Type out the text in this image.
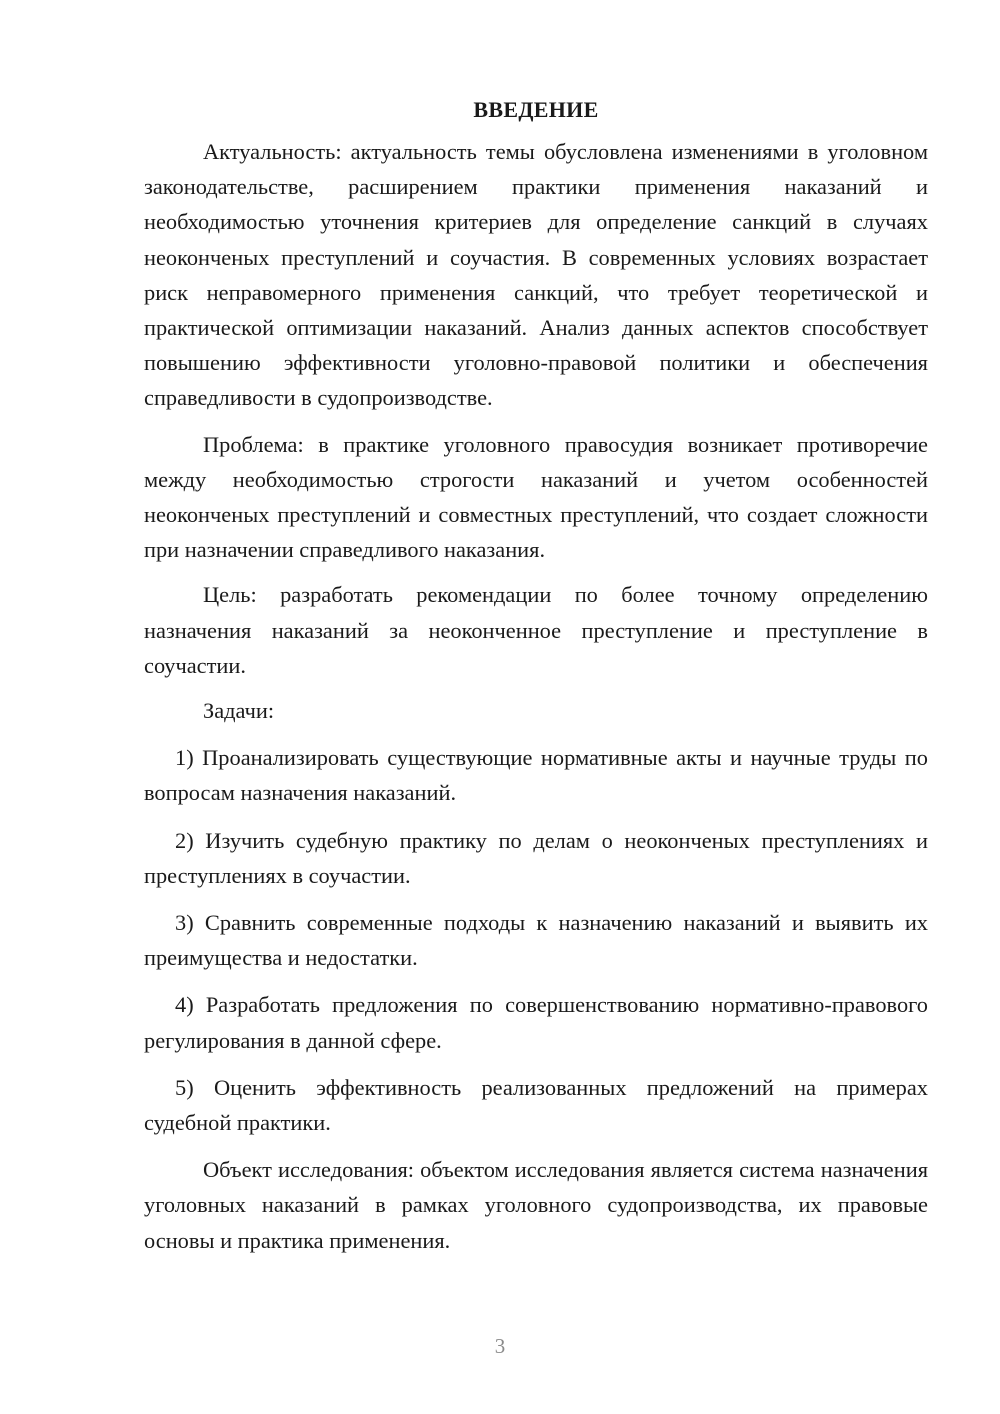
ВВЕДЕНИЕ

Актуальность: актуальность темы обусловлена изменениями в уголовном законодательстве, расширением практики применения наказаний и необходимостью уточнения критериев для определение санкций в случаях неоконченых преступлений и соучастия. В современных условиях возрастает риск неправомерного применения санкций, что требует теоретической и практической оптимизации наказаний. Анализ данных аспектов способствует повышению эффективности уголовно-правовой политики и обеспечения справедливости в судопроизводстве.

Проблема: в практике уголовного правосудия возникает противоречие между необходимостью строгости наказаний и учетом особенностей неоконченых преступлений и совместных преступлений, что создает сложности при назначении справедливого наказания.

Цель: разработать рекомендации по более точному определению назначения наказаний за неоконченное преступление и преступление в соучастии.

Задачи:

1) Проанализировать существующие нормативные акты и научные труды по вопросам назначения наказаний.

2) Изучить судебную практику по делам о неоконченых преступлениях и преступлениях в соучастии.

3) Сравнить современные подходы к назначению наказаний и выявить их преимущества и недостатки.

4) Разработать предложения по совершенствованию нормативно-правового регулирования в данной сфере.

5) Оценить эффективность реализованных предложений на примерах судебной практики.

Объект исследования: объектом исследования является система назначения уголовных наказаний в рамках уголовного судопроизводства, их правовые основы и практика применения.

3
